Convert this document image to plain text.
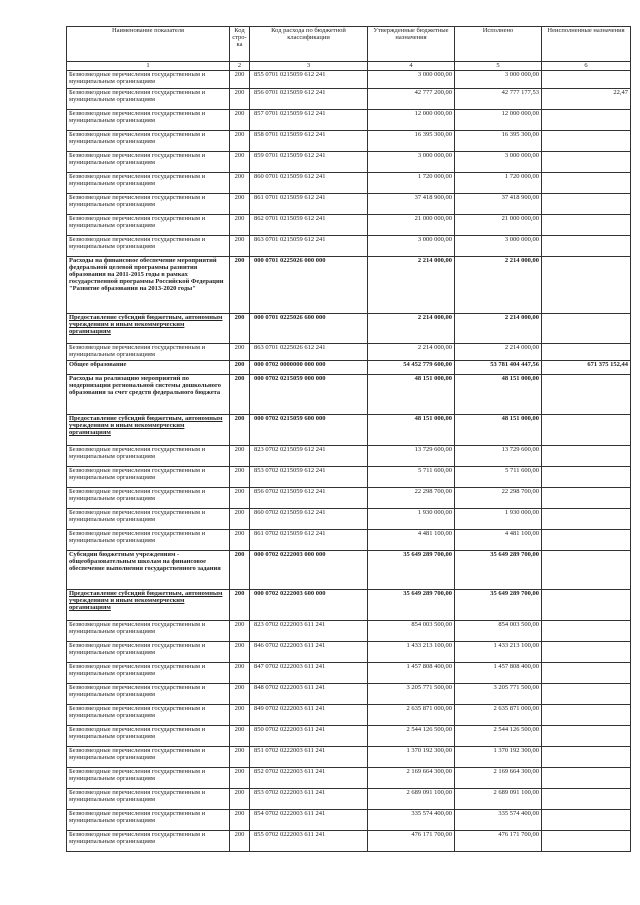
Наименование показателя	Код стро-ка	Код расхода по бюджетной классификации	Утвержденные бюджетные назначения	Исполнено	Неисполненные назначения
1	2	3	4	5	6
Безвозмездные перечисления государственным и муниципальным организациям	200	855 0701 0215059 612 241	3 000 000,00	3 000 000,00	
Безвозмездные перечисления государственным и муниципальным организациям	200	856 0701 0215059 612 241	42 777 200,00	42 777 177,53	22,47
Безвозмездные перечисления государственным и муниципальным организациям	200	857 0701 0215059 612 241	12 000 000,00	12 000 000,00	
Безвозмездные перечисления государственным и муниципальным организациям	200	858 0701 0215059 612 241	16 395 300,00	16 395 300,00	
Безвозмездные перечисления государственным и муниципальным организациям	200	859 0701 0215059 612 241	3 000 000,00	3 000 000,00	
Безвозмездные перечисления государственным и муниципальным организациям	200	860 0701 0215059 612 241	1 720 000,00	1 720 000,00	
Безвозмездные перечисления государственным и муниципальным организациям	200	861 0701 0215059 612 241	37 418 900,00	37 418 900,00	
Безвозмездные перечисления государственным и муниципальным организациям	200	862 0701 0215059 612 241	21 000 000,00	21 000 000,00	
Безвозмездные перечисления государственным и муниципальным организациям	200	863 0701 0215059 612 241	3 000 000,00	3 000 000,00	
Расходы на финансовое обеспечение мероприятий федеральной целевой программы развития образования на 2011-2015 годы в рамках государственной программы Российской Федерации "Развитие образования на 2013-2020 годы"	200	000 0701 0225026 000 000	2 214 000,00	2 214 000,00	
Предоставление субсидий бюджетным, автономным учреждениям и иным некоммерческим организациям	200	000 0701 0225026 600 000	2 214 000,00	2 214 000,00	
Безвозмездные перечисления государственным и муниципальным организациям	200	863 0701 0225026 612 241	2 214 000,00	2 214 000,00	
Общее образование	200	000 0702 0000000 000 000	54 452 779 600,00	53 781 404 447,56	671 375 152,44
Расходы на реализацию мероприятий по модернизации региональной системы дошкольного образования за счет средств федерального бюджета	200	000 0702 0215059 000 000	48 151 000,00	48 151 000,00	
Предоставление субсидий бюджетным, автономным учреждениям и иным некоммерческим организациям	200	000 0702 0215059 600 000	48 151 000,00	48 151 000,00	
Безвозмездные перечисления государственным и муниципальным организациям	200	823 0702 0215059 612 241	13 729 600,00	13 729 600,00	
Безвозмездные перечисления государственным и муниципальным организациям	200	853 0702 0215059 612 241	5 711 600,00	5 711 600,00	
Безвозмездные перечисления государственным и муниципальным организациям	200	856 0702 0215059 612 241	22 298 700,00	22 298 700,00	
Безвозмездные перечисления государственным и муниципальным организациям	200	860 0702 0215059 612 241	1 930 000,00	1 930 000,00	
Безвозмездные перечисления государственным и муниципальным организациям	200	861 0702 0215059 612 241	4 481 100,00	4 481 100,00	
Субсидии бюджетным учреждениям - общеобразовательным школам на финансовое обеспечение выполнения государственного задания	200	000 0702 0222003 000 000	35 649 289 700,00	35 649 289 700,00	
Предоставление субсидий бюджетным, автономным учреждениям и иным некоммерческим организациям	200	000 0702 0222003 600 000	35 649 289 700,00	35 649 289 700,00	
Безвозмездные перечисления государственным и муниципальным организациям	200	823 0702 0222003 611 241	854 003 500,00	854 003 500,00	
Безвозмездные перечисления государственным и муниципальным организациям	200	846 0702 0222003 611 241	1 433 213 100,00	1 433 213 100,00	
Безвозмездные перечисления государственным и муниципальным организациям	200	847 0702 0222003 611 241	1 457 808 400,00	1 457 808 400,00	
Безвозмездные перечисления государственным и муниципальным организациям	200	848 0702 0222003 611 241	3 205 771 500,00	3 205 771 500,00	
Безвозмездные перечисления государственным и муниципальным организациям	200	849 0702 0222003 611 241	2 635 871 000,00	2 635 871 000,00	
Безвозмездные перечисления государственным и муниципальным организациям	200	850 0702 0222003 611 241	2 544 126 500,00	2 544 126 500,00	
Безвозмездные перечисления государственным и муниципальным организациям	200	851 0702 0222003 611 241	1 370 192 300,00	1 370 192 300,00	
Безвозмездные перечисления государственным и муниципальным организациям	200	852 0702 0222003 611 241	2 169 664 300,00	2 169 664 300,00	
Безвозмездные перечисления государственным и муниципальным организациям	200	853 0702 0222003 611 241	2 689 091 100,00	2 689 091 100,00	
Безвозмездные перечисления государственным и муниципальным организациям	200	854 0702 0222003 611 241	335 574 400,00	335 574 400,00	
Безвозмездные перечисления государственным и муниципальным организациям	200	855 0702 0222003 611 241	476 171 700,00	476 171 700,00	
